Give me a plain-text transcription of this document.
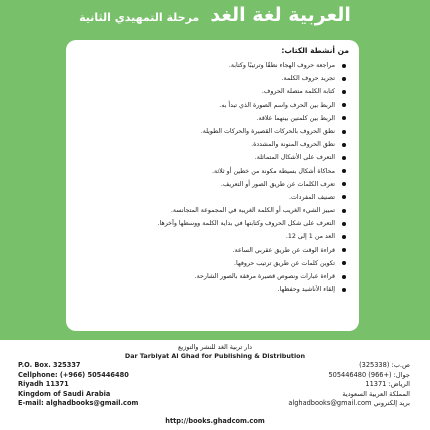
العربية لغة الغد مرحلة التمهيدي الثانية
من أنشطة الكتاب:
مراجعة حروف الهجاء نطقًا وترتيبًا وكتابة.
تجريد حروف الكلمة.
كتابة الكلمة متصلة الحروف.
الربط بين الحرف واسم الصورة الذي تبدأ به.
الربط بين كلمتين بينهما علاقة.
نطق الحروف بالحركات القصيرة والحركات الطويلة.
نطق الحروف المنونة والمشددة.
التعرف على الأشكال المتماثلة.
محاكاة أشكال بسيطة مكونة من خطين أو ثلاثة.
تعرف الكلمات عن طريق الصور أو التعريف.
تصنيف المفردات.
تمييز الشيء الغريب أو الكلمة الغريبة في المجموعة المتجانسة.
التعرف على شكل الحروف وكتابتها في بداية الكلمة ووسطها وآخرها.
العد من 1 إلى 12.
قراءة الوقت عن طريق عقربي الساعة.
تكوين كلمات عن طريق ترتيب حروفها.
قراءة عبارات ونصوص قصيرة مرفقة بالصور الشارحة.
إلقاء الأناشيد وحفظها.
دار تربية الغد للنشر والتوزيع
Dar Tarbiyat Al Ghad for Publishing & Distribution
P.O. Box. 325337
Cellphone: (+966) 505446480
Riyadh 11371
Kingdom of Saudi Arabia
E-mail: alghadbooks@gmail.com
ص.ب: (325338)
جوال: (+966) 505446480
الرياض: 11371
المملكة العربية السعودية
بريد إلكتروني alghadbooks@gmail.com
http://books.ghadcom.com
